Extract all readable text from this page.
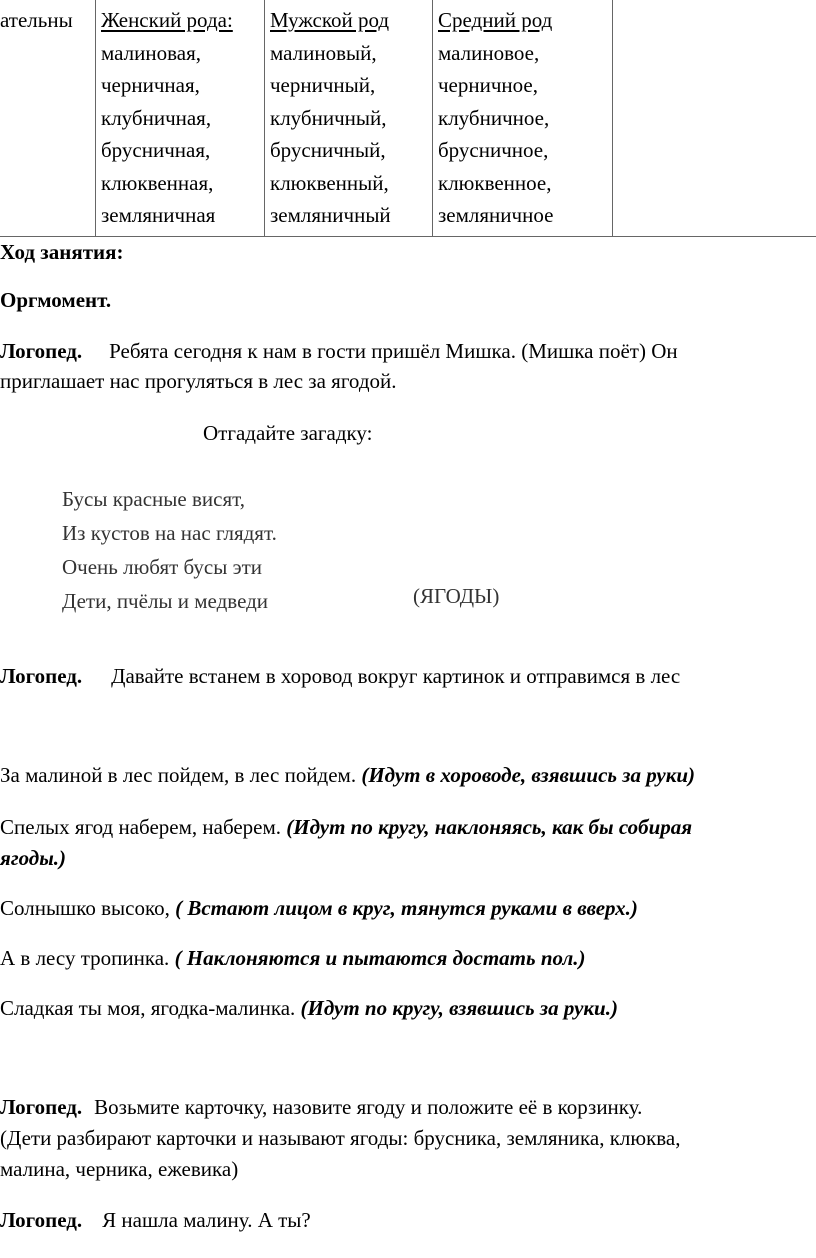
ательны Женский рода:
малиновая,
черничная,
клубничная,
брусничная,
клюквенная,
земляничная
Мужской род
малиновый,
черничный,
клубничный,
брусничный,
клюквенный,
земляничный
Средний род
малиновое,
черничное,
клубничное,
брусничное,
клюквенное,
земляничное
Ход занятия:
Оргмомент.
Логопед. Ребята сегодня к нам в гости пришёл Мишка. (Мишка поёт) Он
приглашает нас прогуляться в лес за ягодой.
Отгадайте загадку:
Бусы красные висят,
Из кустов на нас глядят.
Очень любят бусы эти
Дети, пчёлы и медведи	(ЯГОДЫ)
Логопед. Давайте встанем в хоровод вокруг картинок и отправимся в лес
За малиной в лес пойдем, в лес пойдем. (Идут в хороводе, взявшись за руки)
Спелых ягод наберем, наберем. (Идут по кругу, наклоняясь, как бы собирая
ягоды.)
Солнышко высоко, ( Встают лицом в круг, тянутся руками в вверх.)
А в лесу тропинка. ( Наклоняются и пытаются достать пол.)
Сладкая ты моя, ягодка-малинка. (Идут по кругу, взявшись за руки.)
Логопед. Возьмите карточку, назовите ягоду и положите её в корзинку.
(Дети разбирают карточки и называют ягоды: брусника, земляника, клюква,
малина, черника, ежевика)
Логопед. Я нашла малину. А ты?
